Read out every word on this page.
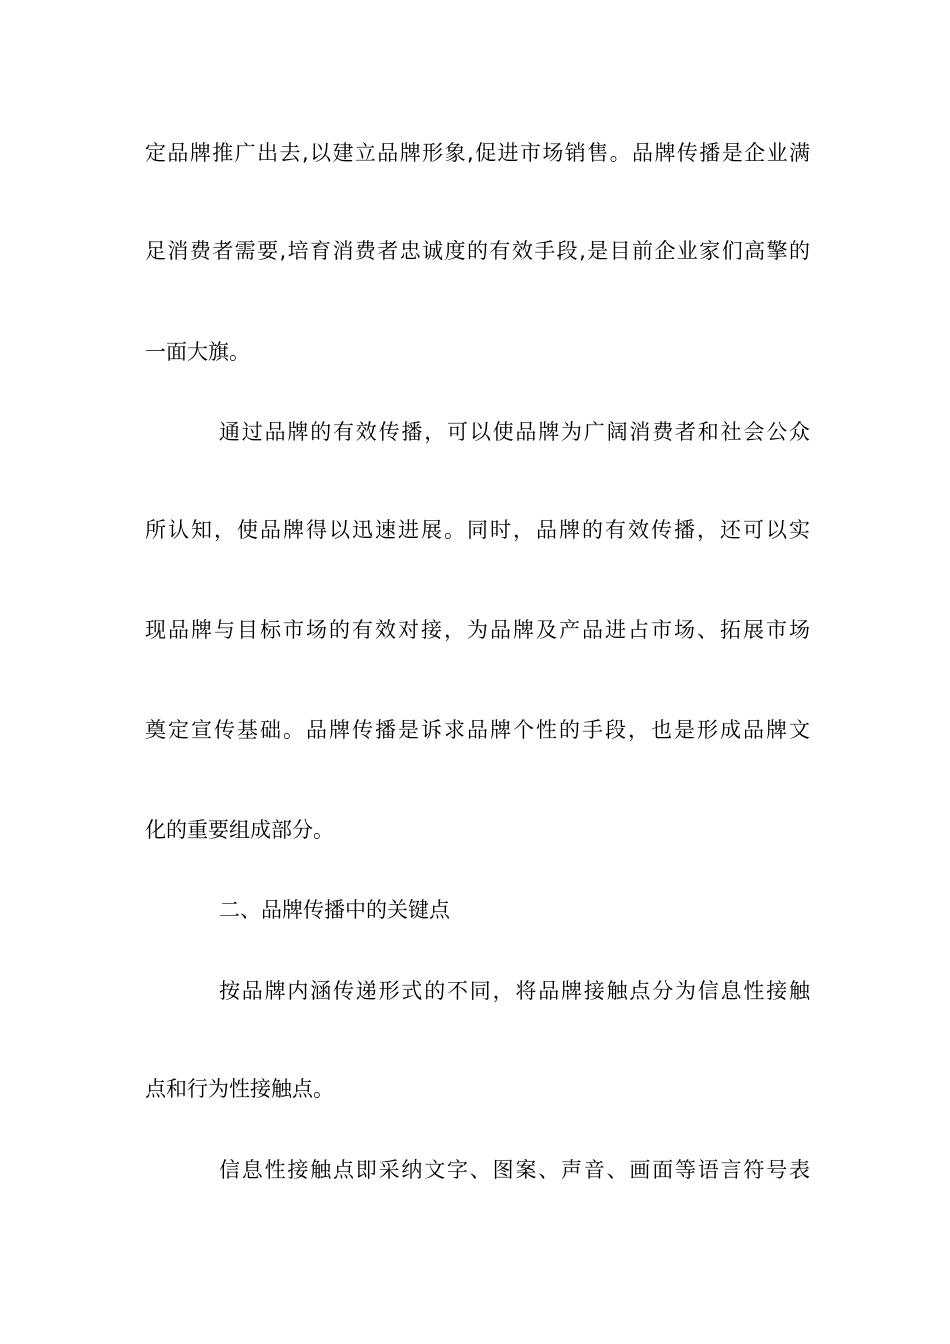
定品牌推广出去,以建立品牌形象,促进市场销售。品牌传播是企业满
足消费者需要,培育消费者忠诚度的有效手段,是目前企业家们高擎的
一面大旗。
通过品牌的有效传播，可以使品牌为广阔消费者和社会公众
所认知，使品牌得以迅速进展。同时，品牌的有效传播，还可以实
现品牌与目标市场的有效对接，为品牌及产品进占市场、拓展市场
奠定宣传基础。品牌传播是诉求品牌个性的手段，也是形成品牌文
化的重要组成部分。
二、品牌传播中的关键点
按品牌内涵传递形式的不同，将品牌接触点分为信息性接触
点和行为性接触点。
信息性接触点即采纳文字、图案、声音、画面等语言符号表
